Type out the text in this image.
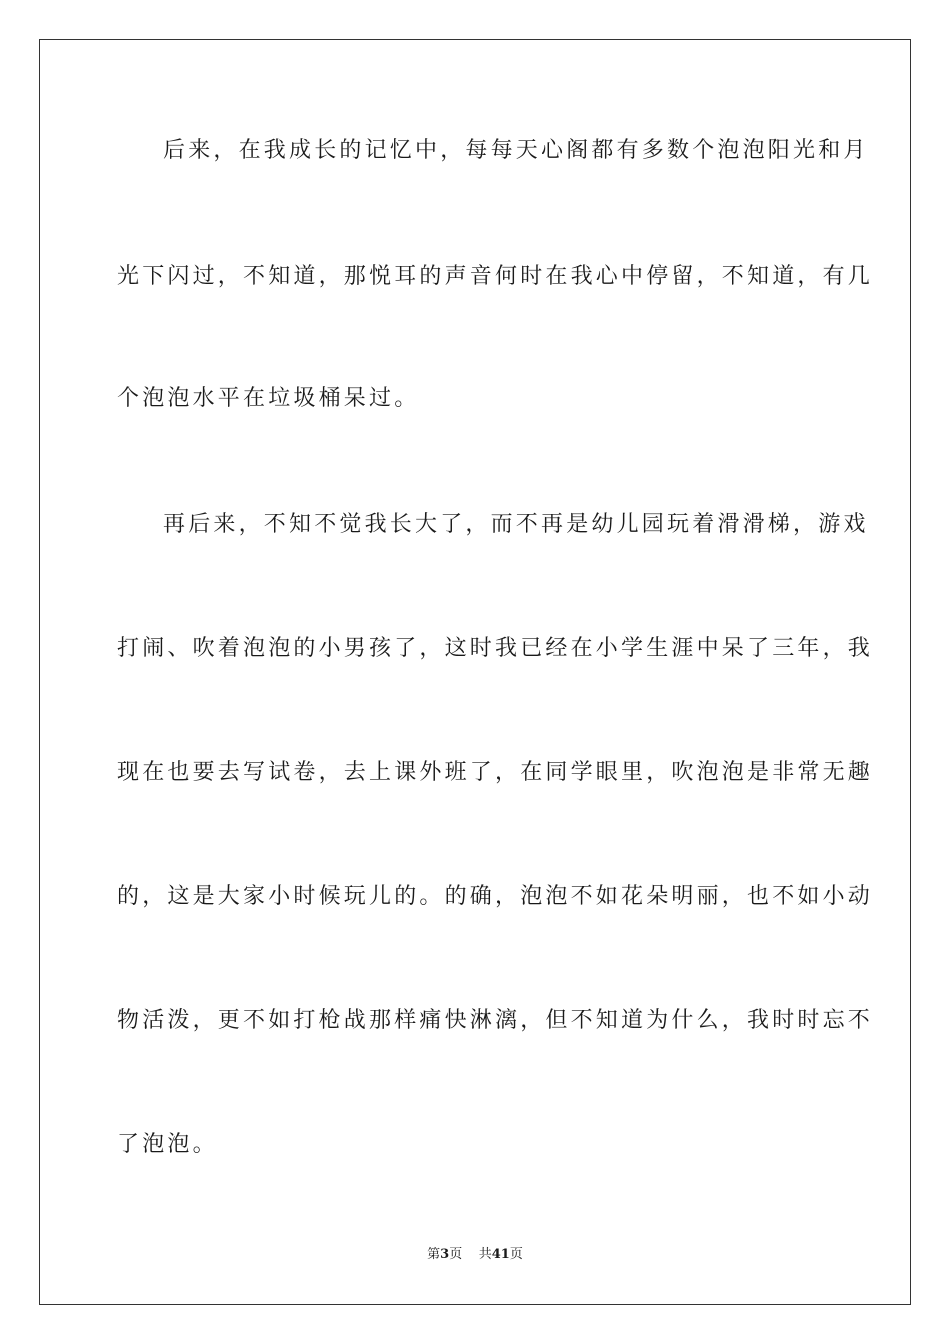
后来，在我成长的记忆中，每每天心阁都有多数个泡泡阳光和月
光下闪过，不知道，那悦耳的声音何时在我心中停留，不知道，有几
个泡泡水平在垃圾桶呆过。
再后来，不知不觉我长大了，而不再是幼儿园玩着滑滑梯，游戏
打闹、吹着泡泡的小男孩了，这时我已经在小学生涯中呆了三年，我
现在也要去写试卷，去上课外班了，在同学眼里，吹泡泡是非常无趣
的，这是大家小时候玩儿的。的确，泡泡不如花朵明丽，也不如小动
物活泼，更不如打枪战那样痛快淋漓，但不知道为什么，我时时忘不
了泡泡。
第3页 共41页
